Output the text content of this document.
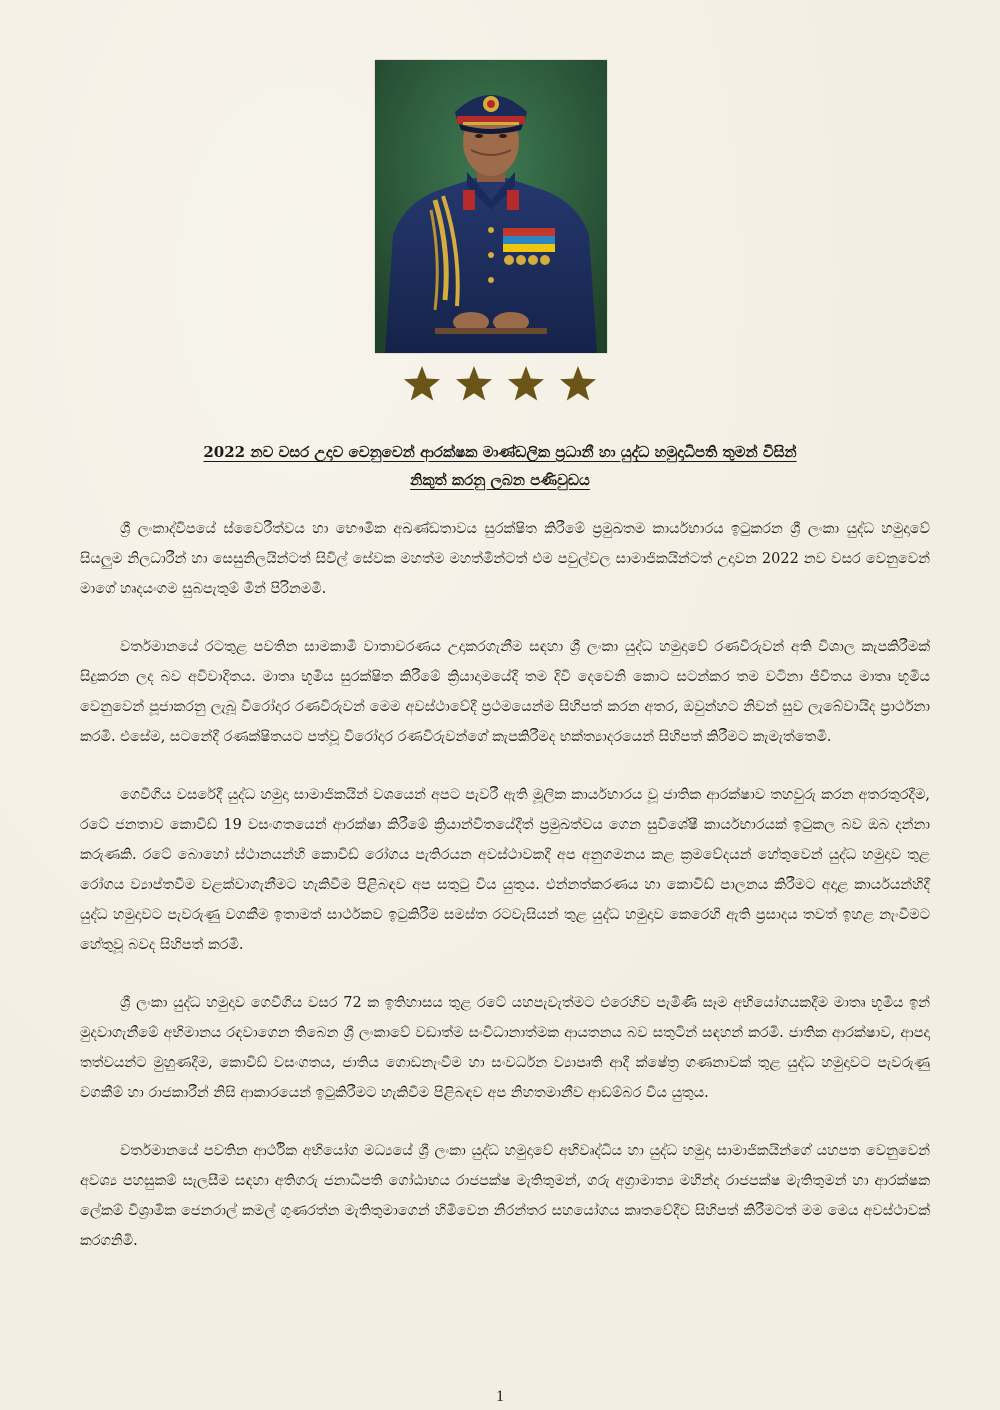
2022 නව වසර උදාව වෙනුවෙන් ආරක්ෂක මාණ්ඩලික ප්‍රධානී හා යුද්ධ හමුදාධිපති තුමන් විසින්
නිකුත් කරනු ලබන පණිවුඩය

ශ්‍රී ලංකාද්විපයේ ස්වෛරීත්වය හා භෞමික අඛණ්ඩතාවය සුරක්ෂිත කිරීමේ ප්‍රමුඛතම කාර්යභාරය ඉටුකරන ශ්‍රී ලංකා යුද්ධ හමුදාවේ සියලුම නිලධාරීන් හා සෙසුනිලයින්ටත් සිවිල් සේවක මහත්ම මහත්මීන්ටත් එම පවුල්වල සාමාජිකයින්ටත් උදාවන 2022 නව වසර වෙනුවෙන් මාගේ හෘදයංගම සුබපැතුම් මින් පිරිනමමි.

වර්තමානයේ රටතුළ පවතින සාමකාමී වාතාවරණය උදාකරගැනීම සඳහා ශ්‍රී ලංකා යුද්ධ හමුදාවේ රණවිරුවන් අති විශාල කැපකිරීමක් සිදුකරන ලද බව අවිවාදිතය. මාතෘ භූමිය සුරක්ෂිත කිරීමේ ක්‍රියාදාමයේදී තම දිවි දෙවෙනි කොට සටන්කර තම වටිනා ජීවිතය මාතෘ භූමිය වෙනුවෙන් පූජාකරනු ලැබූ වීරෝදාර රණවිරුවන් මෙම අවස්ථාවේදී ප්‍රථමයෙන්ම සිහිපත් කරන අතර, ඔවුන්හට නිවන් සුව ලැබේවායිද ප්‍රාර්ථනා කරමි. එසේම, සටනේදී රණක්ෂිතයට පත්වූ වීරෝදාර රණවිරුවන්ගේ කැපකිරීමද භක්ත්‍යාදරයෙන් සිහිපත් කිරීමට කැමැත්තෙමි.

ගෙවීගිය වසරේදී යුද්ධ හමුදා සාමාජිකයින් වශයෙන් අපට පැවරී ඇති මූලික කාර්යභාරය වූ ජාතික ආරක්ෂාව තහවුරු කරන අතරතුරදීම, රටේ ජනතාව කොවිඩ් 19 වසංගතයෙන් ආරක්ෂා කිරීමේ ක්‍රියාන්විතයේදීත් ප්‍රමුඛත්වය ගෙන සුවිශේෂී කාර්යභාරයක් ඉටුකල බව ඔබ දන්නා කරුණකි. රටේ බොහෝ ස්ථානයන්හි කොවිඩ් රෝගය පැතිරයන අවස්ථාවකදී අප අනුගමනය කළ ක්‍රමවේදයන් හේතුවෙන් යුද්ධ හමුදාව තුළ රෝගය ව්‍යාප්තවීම වළක්වාගැනීමට හැකිවීම පිළිබඳව අප සතුටු විය යුතුය. එන්නත්කරණය හා කොවිඩ් පාලනය කිරීමට අදාළ කාර්යයන්හිදී යුද්ධ හමුදාවට පැවරුණු වගකීම ඉතාමත් සාර්ථකව ඉටුකිරීම සමස්ත රටවැසියන් තුළ යුද්ධ හමුදාව කෙරෙහි ඇති ප්‍රසාදය තවත් ඉහළ නැංවීමට හේතුවූ බවද සිහිපත් කරමි.

ශ්‍රී ලංකා යුද්ධ හමුදාව ගෙවීගිය වසර 72 ක ඉතිහාසය තුළ රටේ යහපැවැත්මට එරෙහිව පැමිණි සෑම අභියෝගයකදීම මාතෘ භූමිය ඉන් මුදවාගැනීමේ අභිමානය රඳවාගෙන තිබෙන ශ්‍රී ලංකාවේ වඩාත්ම සංවිධානාත්මක ආයතනය බව සතුටින් සඳහන් කරමි. ජාතික ආරක්ෂාව, ආපදා තත්වයන්ට මුහුණදීම, කොවිඩ් වසංගතය, ජාතිය ගොඩනැංවීම හා සංවර්ධන ව්‍යාපෘති ආදී ක්ෂේත්‍ර ගණනාවක් තුළ යුද්ධ හමුදාවට පැවරුණු වගකීම් හා රාජකාරීන් නිසි ආකාරයෙන් ඉටුකිරීමට හැකිවීම පිළිබඳව අප නිහතමානීව ආඩම්බර විය යුතුය.

වර්තමානයේ පවතින ආර්ථික අභියෝග මධ්‍යයේ ශ්‍රී ලංකා යුද්ධ හමුදාවේ අභිවෘද්ධිය හා යුද්ධ හමුදා සාමාජිකයින්ගේ යහපත වෙනුවෙන් අවශ්‍ය පහසුකම් සැලසීම සඳහා අතිගරු ජනාධිපති ගෝඨාභය රාජපක්ෂ මැතිතුමන්, ගරු අග්‍රාමාත්‍ය මහින්ද රාජපක්ෂ මැතිතුමන් හා ආරක්ෂක ලේකම් විශ්‍රාමික ජෙනරාල් කමල් ගුණරත්න මැතිතුමාගෙන් හිමිවෙන නිරන්තර සහයෝගය කෘතවේදීව සිහිපත් කිරීමටත් මම මෙය අවස්ථාවක් කරගනිමි.

1
